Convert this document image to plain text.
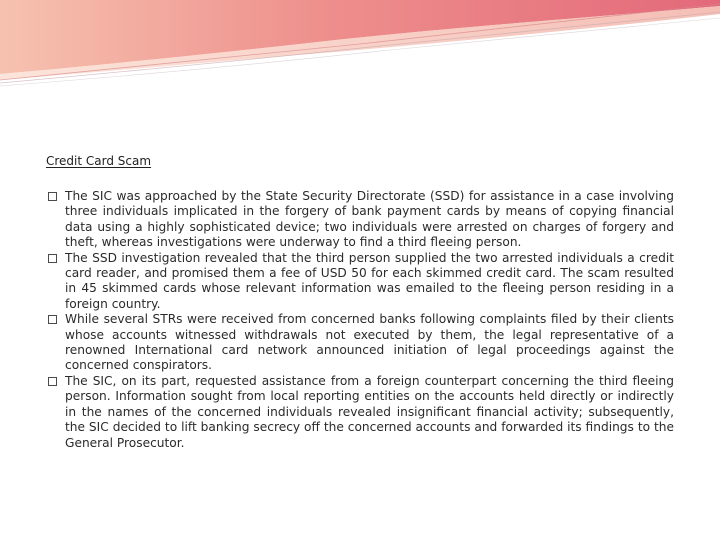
Credit Card Scam
The SIC was approached by the State Security Directorate (SSD) for assistance in a case involving three individuals implicated in the forgery of bank payment cards by means of copying financial data using a highly sophisticated device; two individuals were arrested on charges of forgery and theft, whereas investigations were underway to find a third fleeing person.
The SSD investigation revealed that the third person supplied the two arrested individuals a credit card reader, and promised them a fee of USD 50 for each skimmed credit card. The scam resulted in 45 skimmed cards whose relevant information was emailed to the fleeing person residing in a foreign country.
While several STRs were received from concerned banks following complaints filed by their clients whose accounts witnessed withdrawals not executed by them, the legal representative of a renowned International card network announced initiation of legal proceedings against the concerned conspirators.
The SIC, on its part, requested assistance from a foreign counterpart concerning the third fleeing person. Information sought from local reporting entities on the accounts held directly or indirectly in the names of the concerned individuals revealed insignificant financial activity; subsequently, the SIC decided to lift banking secrecy off the concerned accounts and forwarded its findings to the General Prosecutor.
